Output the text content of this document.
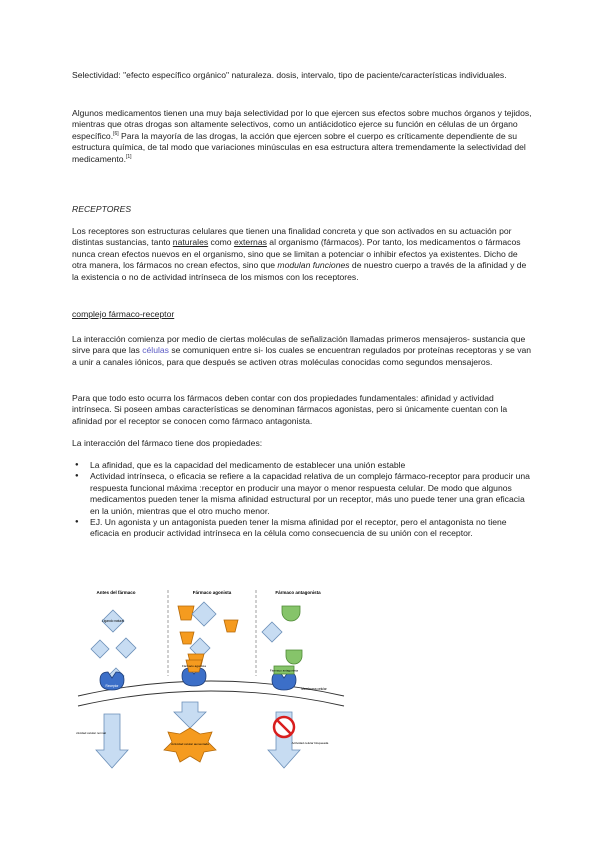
Selectividad: "efecto específico orgánico" naturaleza. dosis, intervalo, tipo de paciente/características individuales.

Algunos medicamentos tienen una muy baja selectividad por lo que ejercen sus efectos sobre muchos órganos y tejidos, mientras que otras drogas son altamente selectivos, como un antiácidotico ejerce su función en células de un órgano específico.[6] Para la mayoría de las drogas, la acción que ejercen sobre el cuerpo es críticamente dependiente de su estructura química, de tal modo que variaciones minúsculas en esa estructura altera tremendamente la selectividad del medicamento.[1]

RECEPTORES

Los receptores son estructuras celulares que tienen una finalidad concreta y que son activados en su actuación por distintas sustancias, tanto naturales como externas al organismo (fármacos). Por tanto, los medicamentos o fármacos nunca crean efectos nuevos en el organismo, sino que se limitan a potenciar o inhibir efectos ya existentes. Dicho de otra manera, los fármacos no crean efectos, sino que modulan funciones de nuestro cuerpo a través de la afinidad y de la existencia o no de actividad intrínseca de los mismos con los receptores.

complejo fármaco-receptor

La interacción comienza por medio de ciertas moléculas de señalización llamadas primeros mensajeros- sustancia que sirve para que las células se comuniquen entre si- los cuales se encuentran regulados por proteínas receptoras y se van a unir a canales iónicos, para que después se activen otras moléculas conocidas como segundos mensajeros.

Para que todo esto ocurra los fármacos deben contar con dos propiedades fundamentales: afinidad y actividad intrínseca. Si poseen ambas características se denominan fármacos agonistas, pero si únicamente cuentan con la afinidad por el receptor se conocen como fármaco antagonista.

La interacción del fármaco tiene dos propiedades:

● La afinidad, que es la capacidad del medicamento de establecer una unión estable
● Actividad intrínseca, o eficacia se refiere a la capacidad relativa de un complejo fármaco-receptor para producir una respuesta funcional máxima :receptor en producir una mayor o menor respuesta celular. De modo que algunos medicamentos pueden tener la misma afinidad estructural por un receptor, más uno puede tener una gran eficacia en la unión, mientras que el otro mucho menor.
● EJ. Un agonista y un antagonista pueden tener la misma afinidad por el receptor, pero el antagonista no tiene eficacia en producir actividad intrínseca en la célula como consecuencia de su unión con el receptor.
Antes del fármaco	Fármaco agonista	Fármaco antagonista
Ligando natural
Membrana celular
Receptor
Fármaco agonista
Fármaco antagonista
Actividad celular normal
Actividad celular aumentada	Actividad celular bloqueada
